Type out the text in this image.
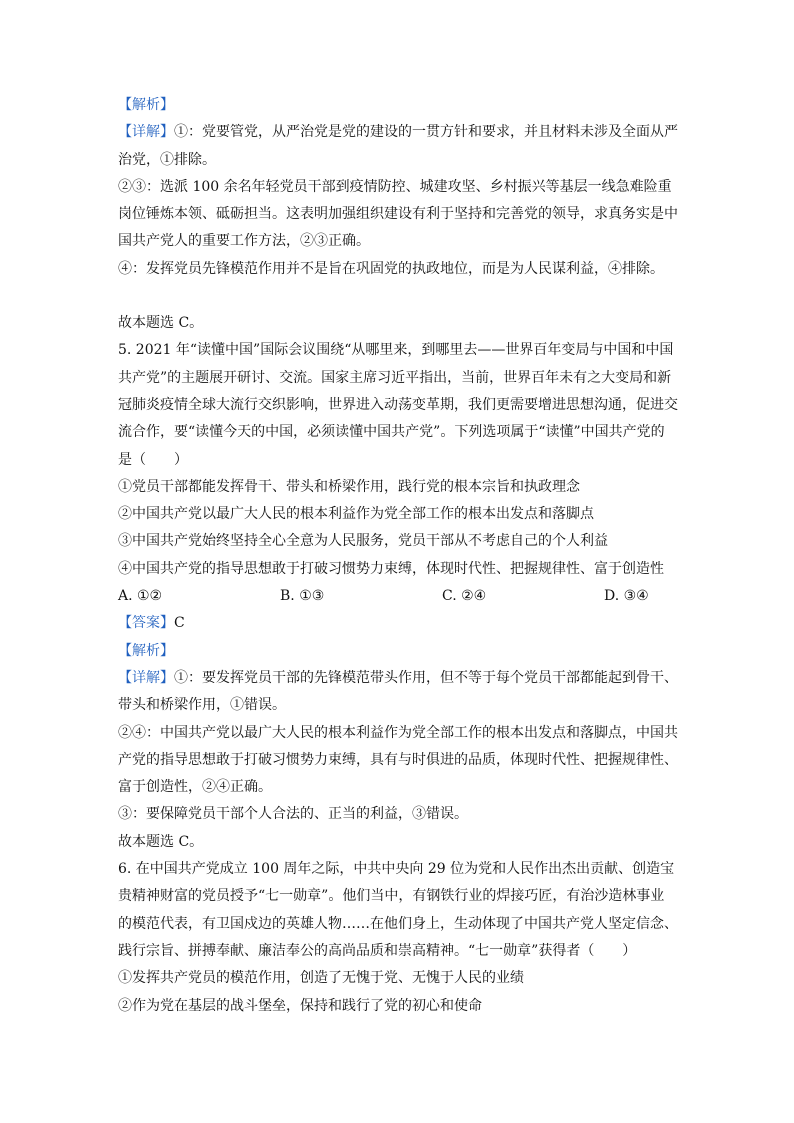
【解析】

【详解】①：党要管党，从严治党是党的建设的一贯方针和要求，并且材料未涉及全面从严治党，①排除。

②③：选派 100 余名年轻党员干部到疫情防控、城建攻坚、乡村振兴等基层一线急难险重岗位锤炼本领、砥砺担当。这表明加强组织建设有利于坚持和完善党的领导，求真务实是中国共产党人的重要工作方法，②③正确。

④：发挥党员先锋模范作用并不是旨在巩固党的执政地位，而是为人民谋利益，④排除。

故本题选 C。

5. 2021 年“读懂中国”国际会议围绕“从哪里来，到哪里去——世界百年变局与中国和中国共产党”的主题展开研讨、交流。国家主席习近平指出，当前，世界百年未有之大变局和新冠肺炎疫情全球大流行交织影响，世界进入动荡变革期，我们更需要增进思想沟通，促进交流合作，要“读懂今天的中国，必须读懂中国共产党”。下列选项属于“读懂”中国共产党的是（　　）

①党员干部都能发挥骨干、带头和桥梁作用，践行党的根本宗旨和执政理念

②中国共产党以最广大人民的根本利益作为党全部工作的根本出发点和落脚点

③中国共产党始终坚持全心全意为人民服务，党员干部从不考虑自己的个人利益

④中国共产党的指导思想敢于打破习惯势力束缚，体现时代性、把握规律性、富于创造性

A. ①②	B. ①③	C. ②④	D. ③④

【答案】C

【解析】

【详解】①：要发挥党员干部的先锋模范带头作用，但不等于每个党员干部都能起到骨干、带头和桥梁作用，①错误。

②④：中国共产党以最广大人民的根本利益作为党全部工作的根本出发点和落脚点，中国共产党的指导思想敢于打破习惯势力束缚，具有与时俱进的品质，体现时代性、把握规律性、富于创造性，②④正确。

③：要保障党员干部个人合法的、正当的利益，③错误。

故本题选 C。

6. 在中国共产党成立 100 周年之际，中共中央向 29 位为党和人民作出杰出贡献、创造宝贵精神财富的党员授予“七一勋章”。他们当中，有钢铁行业的焊接巧匠，有治沙造林事业的模范代表，有卫国戍边的英雄人物……在他们身上，生动体现了中国共产党人坚定信念、践行宗旨、拼搏奉献、廉洁奉公的高尚品质和崇高精神。“七一勋章”获得者（　　）

①发挥共产党员的模范作用，创造了无愧于党、无愧于人民的业绩

②作为党在基层的战斗堡垒，保持和践行了党的初心和使命
